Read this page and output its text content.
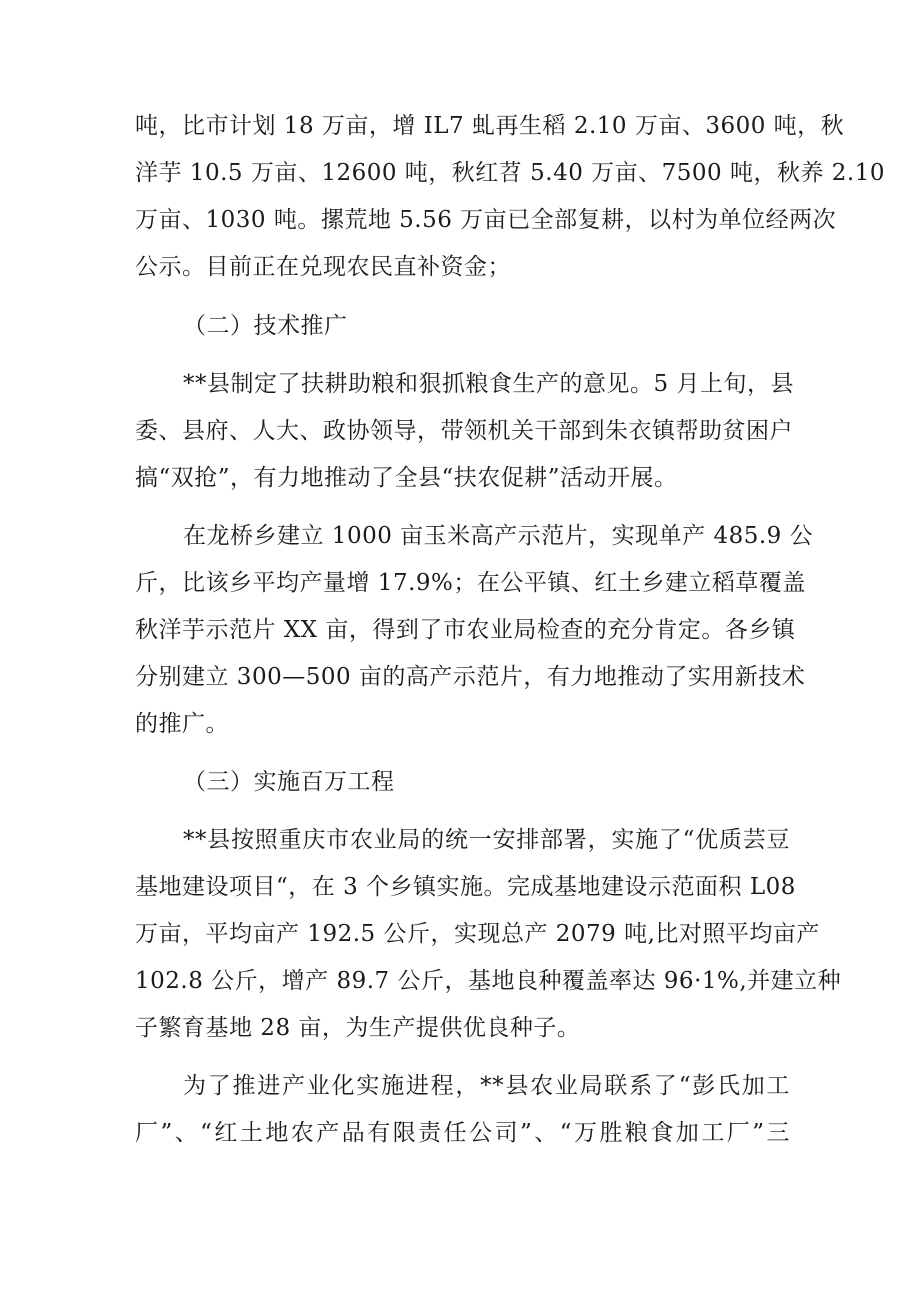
吨，比市计划 18 万亩，增 IL7 虬再生稻 2.10 万亩、3600 吨，秋
洋芋 10.5 万亩、12600 吨，秋红苕 5.40 万亩、7500 吨，秋养 2.10
万亩、1030 吨。摞荒地 5.56 万亩已全部复耕，以村为单位经两次
公示。目前正在兑现农民直补资金；
（二）技术推广
**县制定了扶耕助粮和狠抓粮食生产的意见。5 月上旬，县
委、县府、人大、政协领导，带领机关干部到朱衣镇帮助贫困户
搞“双抢”，有力地推动了全县“扶农促耕”活动开展。
在龙桥乡建立 1000 亩玉米高产示范片，实现单产 485.9 公
斤，比该乡平均产量增 17.9%；在公平镇、红土乡建立稻草覆盖
秋洋芋示范片 XX 亩，得到了市农业局检查的充分肯定。各乡镇
分别建立 300—500 亩的高产示范片，有力地推动了实用新技术
的推广。
（三）实施百万工程
**县按照重庆市农业局的统一安排部署，实施了“优质芸豆
基地建设项目“，在 3 个乡镇实施。完成基地建设示范面积 L08
万亩，平均亩产 192.5 公斤，实现总产 2079 吨,比对照平均亩产
102.8 公斤，增产 89.7 公斤，基地良种覆盖率达 96·1%,并建立种
子繁育基地 28 亩，为生产提供优良种子。
为了推进产业化实施进程，**县农业局联系了“彭氏加工
厂”、“红土地农产品有限责任公司”、“万胜粮食加工厂”三
